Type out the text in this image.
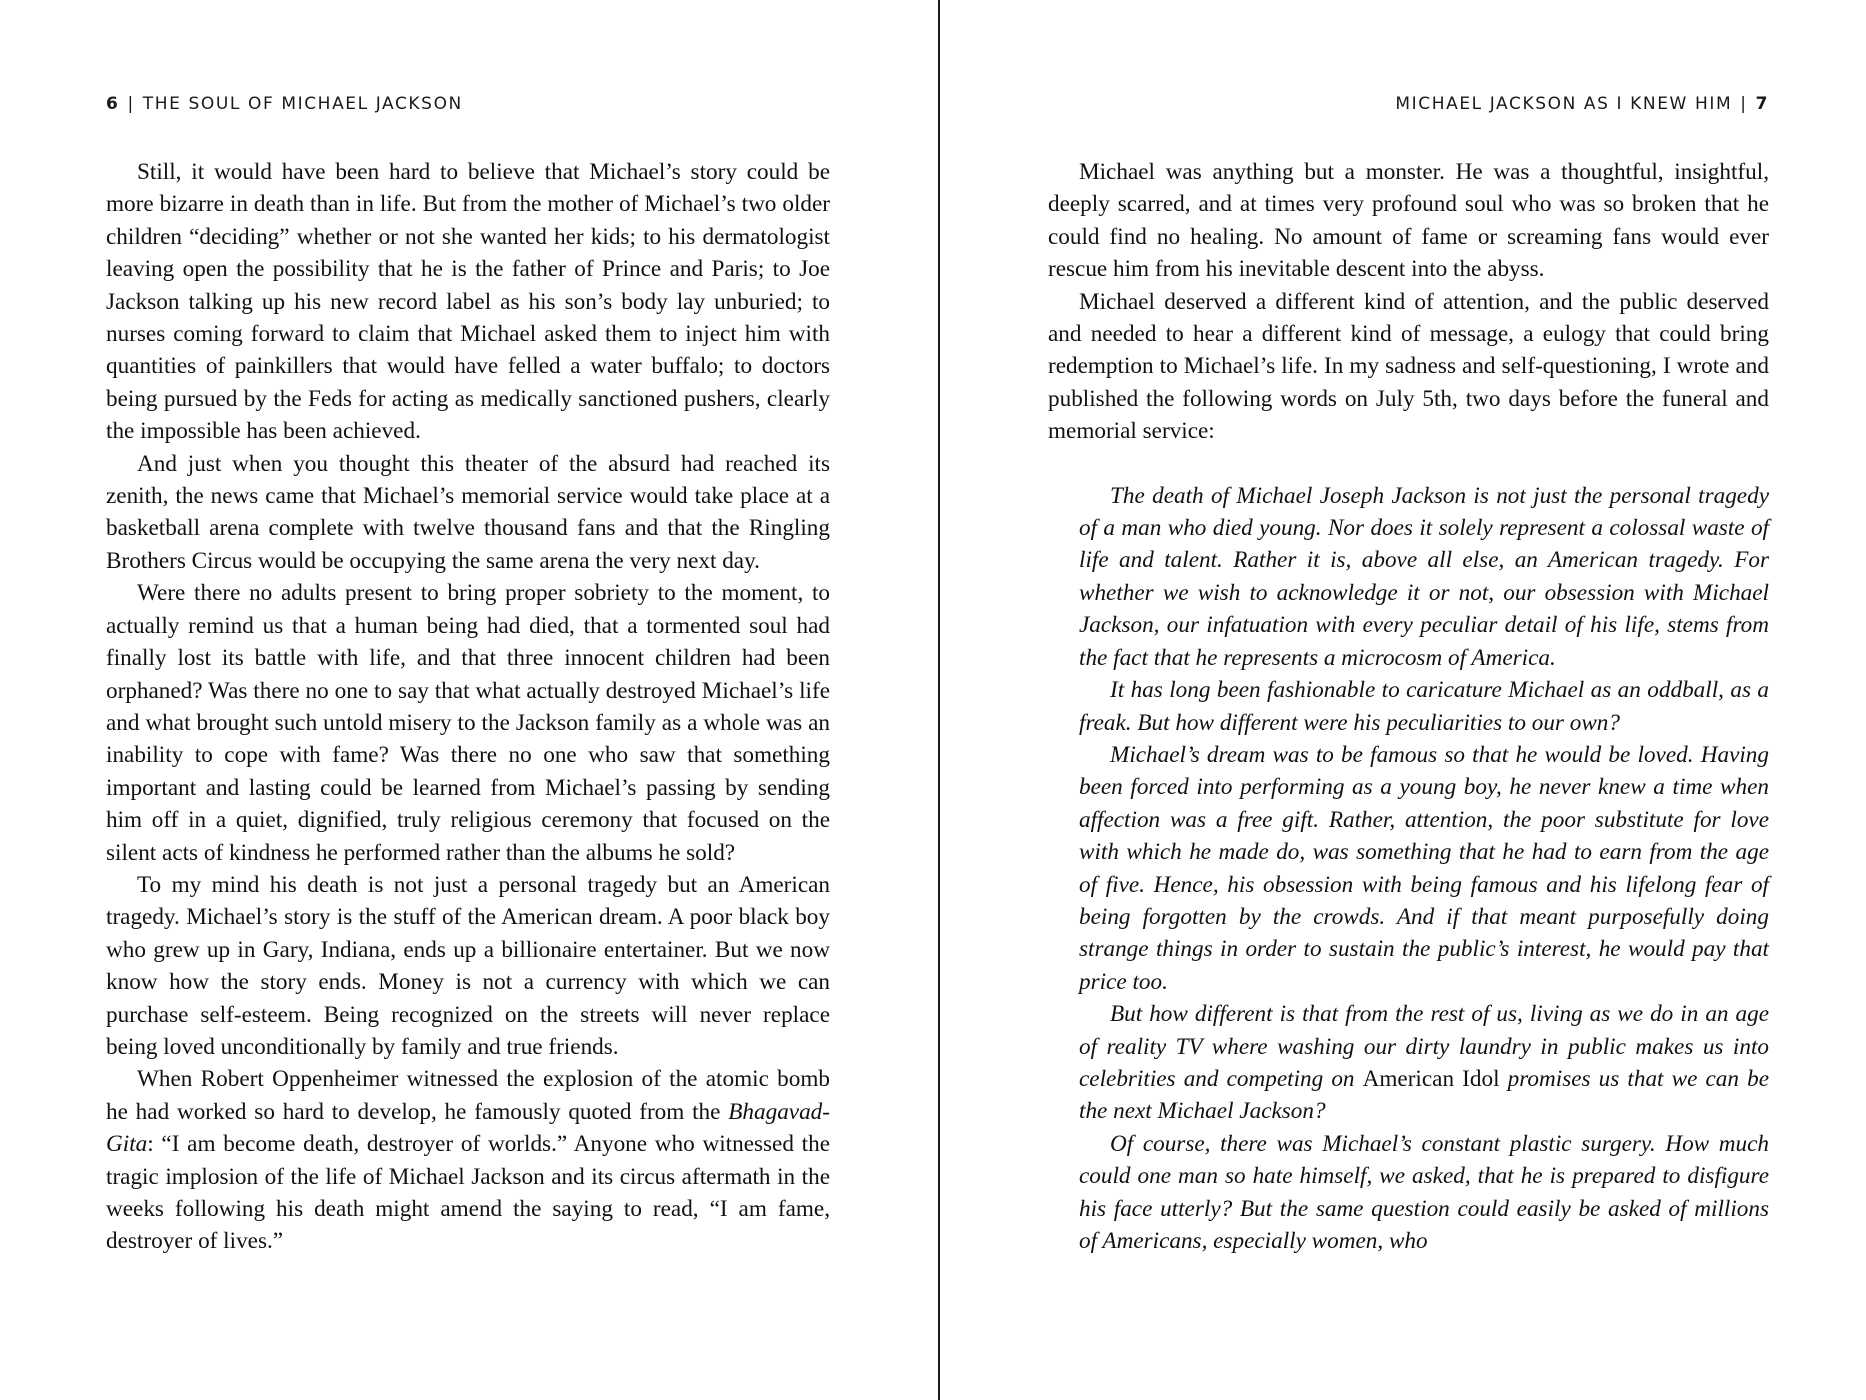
6 | THE SOUL OF MICHAEL JACKSON

Still, it would have been hard to believe that Michael’s story could be more bizarre in death than in life. But from the mother of Michael’s two older children “deciding” whether or not she wanted her kids; to his dermatologist leaving open the possibility that he is the father of Prince and Paris; to Joe Jackson talking up his new record label as his son’s body lay unburied; to nurses coming forward to claim that Michael asked them to inject him with quantities of painkillers that would have felled a water buffalo; to doctors being pursued by the Feds for acting as medically sanctioned pushers, clearly the impossible has been achieved.

And just when you thought this theater of the absurd had reached its zenith, the news came that Michael’s memorial service would take place at a basketball arena complete with twelve thousand fans and that the Ringling Brothers Circus would be occupying the same arena the very next day.

Were there no adults present to bring proper sobriety to the moment, to actually remind us that a human being had died, that a tormented soul had finally lost its battle with life, and that three innocent children had been orphaned? Was there no one to say that what actually destroyed Michael’s life and what brought such untold misery to the Jackson family as a whole was an inability to cope with fame? Was there no one who saw that something important and lasting could be learned from Michael’s passing by sending him off in a quiet, dignified, truly religious ceremony that focused on the silent acts of kindness he performed rather than the albums he sold?

To my mind his death is not just a personal tragedy but an American tragedy. Michael’s story is the stuff of the American dream. A poor black boy who grew up in Gary, Indiana, ends up a billionaire entertainer. But we now know how the story ends. Money is not a currency with which we can purchase self-esteem. Being recognized on the streets will never replace being loved unconditionally by family and true friends.

When Robert Oppenheimer witnessed the explosion of the atomic bomb he had worked so hard to develop, he famously quoted from the Bhagavad-Gita: “I am become death, destroyer of worlds.” Anyone who witnessed the tragic implosion of the life of Michael Jackson and its circus aftermath in the weeks following his death might amend the saying to read, “I am fame, destroyer of lives.”

MICHAEL JACKSON AS I KNEW HIM | 7

Michael was anything but a monster. He was a thoughtful, insightful, deeply scarred, and at times very profound soul who was so broken that he could find no healing. No amount of fame or screaming fans would ever rescue him from his inevitable descent into the abyss.

Michael deserved a different kind of attention, and the public deserved and needed to hear a different kind of message, a eulogy that could bring redemption to Michael’s life. In my sadness and self-questioning, I wrote and published the following words on July 5th, two days before the funeral and memorial service:

The death of Michael Joseph Jackson is not just the personal tragedy of a man who died young. Nor does it solely represent a colossal waste of life and talent. Rather it is, above all else, an American tragedy. For whether we wish to acknowledge it or not, our obsession with Michael Jackson, our infatuation with every peculiar detail of his life, stems from the fact that he represents a microcosm of America.

It has long been fashionable to caricature Michael as an oddball, as a freak. But how different were his peculiarities to our own?

Michael’s dream was to be famous so that he would be loved. Having been forced into performing as a young boy, he never knew a time when affection was a free gift. Rather, attention, the poor substitute for love with which he made do, was something that he had to earn from the age of five. Hence, his obsession with being famous and his lifelong fear of being forgotten by the crowds. And if that meant purposefully doing strange things in order to sustain the public’s interest, he would pay that price too.

But how different is that from the rest of us, living as we do in an age of reality TV where washing our dirty laundry in public makes us into celebrities and competing on American Idol promises us that we can be the next Michael Jackson?

Of course, there was Michael’s constant plastic surgery. How much could one man so hate himself, we asked, that he is prepared to disfigure his face utterly? But the same question could easily be asked of millions of Americans, especially women, who
